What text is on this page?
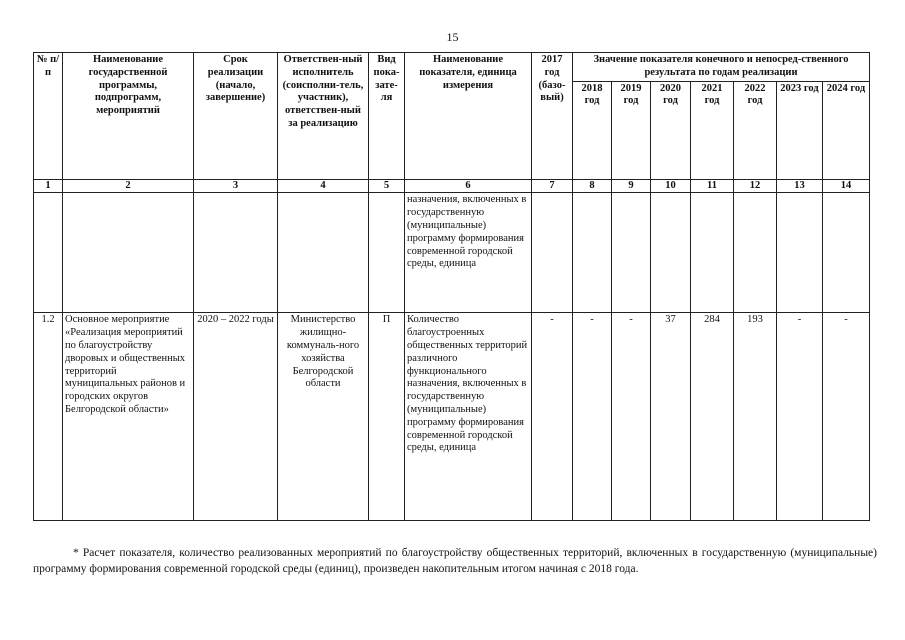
15
№ п/п	Наименование государственной программы, подпрограмм, мероприятий	Срок реализации (начало, завершение)	Ответствен-ный исполнитель (соисполни-тель, участник), ответствен-ный за реализацию	Вид пока-зате-ля	Наименование показателя, единица измерения	2017 год (базо-вый)	Значение показателя конечного и непосред-ственного результата по годам реализации						
							2018 год	2019 год	2020 год	2021 год	2022 год	2023 год	2024 год
1	2	3	4	5	6	7	8	9	10	11	12	13	14
					назначения, включенных в государственную (муниципальные) программу формирования современной городской среды, единица								
1.2	Основное мероприятие «Реализация мероприятий по благоустройству дворовых и общественных территорий муниципальных районов и городских округов Белгородской области»	2020 – 2022 годы	Министерство жилищно-коммуналь-ного хозяйства Белгородской области	П	Количество благоустроенных общественных территорий различного функционального назначения, включенных в государственную (муниципальные) программу формирования современной городской среды, единица	-	-	-	37	284	193	-	-
* Расчет показателя, количество реализованных мероприятий по благоустройству общественных территорий, включенных в государственную (муниципальные) программу формирования современной городской среды (единиц), произведен накопительным итогом начиная с 2018 года.
